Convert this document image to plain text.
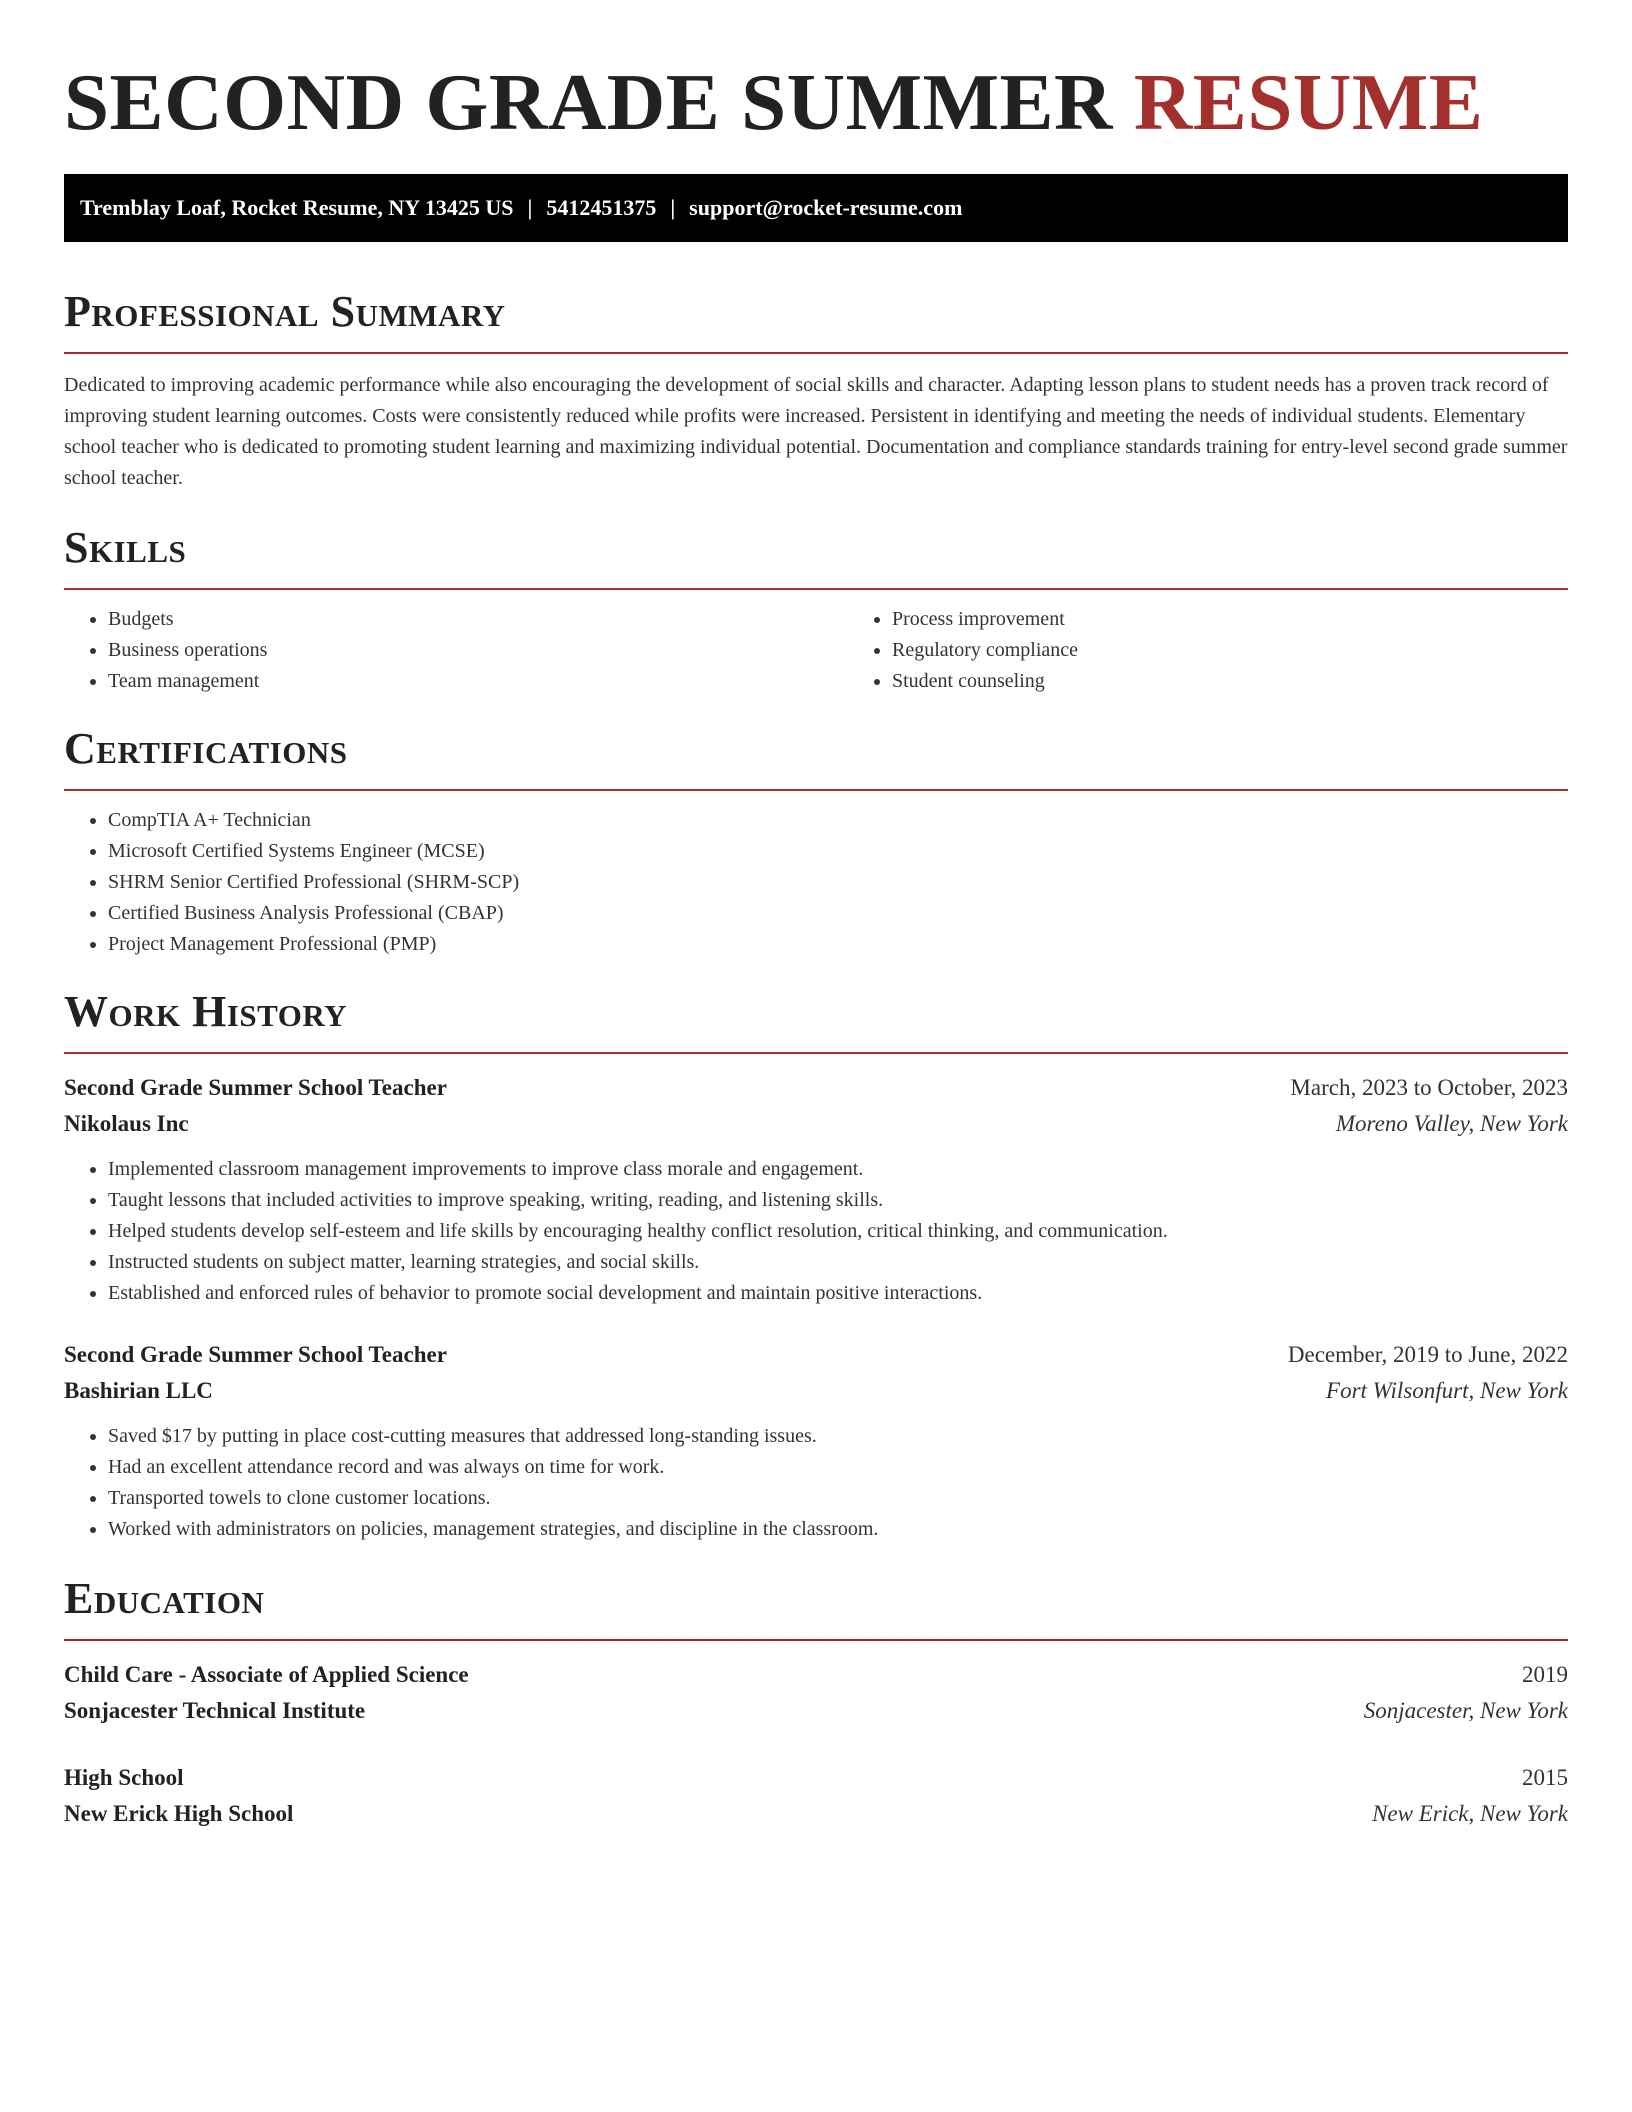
SECOND GRADE SUMMER RESUME
Tremblay Loaf, Rocket Resume, NY 13425 US | 5412451375 | support@rocket-resume.com
Professional Summary

Dedicated to improving academic performance while also encouraging the development of social skills and character. Adapting lesson plans to student needs has a proven track record of improving student learning outcomes. Costs were consistently reduced while profits were increased. Persistent in identifying and meeting the needs of individual students. Elementary school teacher who is dedicated to promoting student learning and maximizing individual potential. Documentation and compliance standards training for entry-level second grade summer school teacher.

Skills
• Budgets
• Business operations
• Team management
• Process improvement
• Regulatory compliance
• Student counseling
Certifications
• CompTIA A+ Technician
• Microsoft Certified Systems Engineer (MCSE)
• SHRM Senior Certified Professional (SHRM-SCP)
• Certified Business Analysis Professional (CBAP)
• Project Management Professional (PMP)
Work History
Second Grade Summer School Teacher	March, 2023 to October, 2023
Nikolaus Inc	Moreno Valley, New York
• Implemented classroom management improvements to improve class morale and engagement.
• Taught lessons that included activities to improve speaking, writing, reading, and listening skills.
• Helped students develop self-esteem and life skills by encouraging healthy conflict resolution, critical thinking, and communication.
• Instructed students on subject matter, learning strategies, and social skills.
• Established and enforced rules of behavior to promote social development and maintain positive interactions.
Second Grade Summer School Teacher	December, 2019 to June, 2022
Bashirian LLC	Fort Wilsonfurt, New York
• Saved $17 by putting in place cost-cutting measures that addressed long-standing issues.
• Had an excellent attendance record and was always on time for work.
• Transported towels to clone customer locations.
• Worked with administrators on policies, management strategies, and discipline in the classroom.
Education
Child Care - Associate of Applied Science	2019
Sonjacester Technical Institute	Sonjacester, New York
High School	2015
New Erick High School	New Erick, New York
